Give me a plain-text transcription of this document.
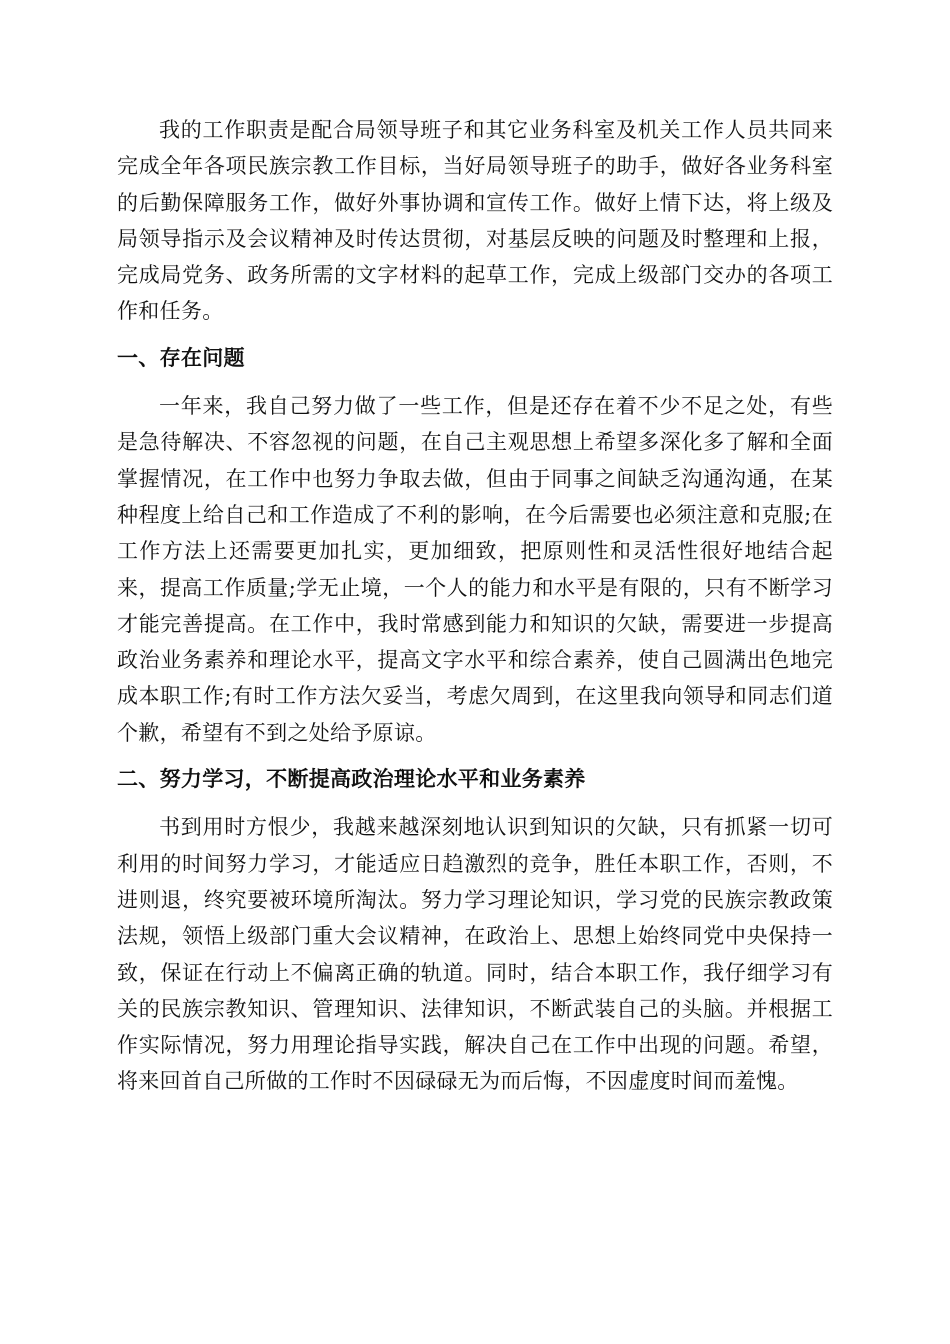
我的工作职责是配合局领导班子和其它业务科室及机关工作人员共同来完成全年各项民族宗教工作目标，当好局领导班子的助手，做好各业务科室的后勤保障服务工作，做好外事协调和宣传工作。做好上情下达，将上级及局领导指示及会议精神及时传达贯彻，对基层反映的问题及时整理和上报，完成局党务、政务所需的文字材料的起草工作，完成上级部门交办的各项工作和任务。

一、存在问题

一年来，我自己努力做了一些工作，但是还存在着不少不足之处，有些是急待解决、不容忽视的问题，在自己主观思想上希望多深化多了解和全面掌握情况，在工作中也努力争取去做，但由于同事之间缺乏沟通沟通，在某种程度上给自己和工作造成了不利的影响，在今后需要也必须注意和克服;在工作方法上还需要更加扎实，更加细致，把原则性和灵活性很好地结合起来，提高工作质量;学无止境，一个人的能力和水平是有限的，只有不断学习才能完善提高。在工作中，我时常感到能力和知识的欠缺，需要进一步提高政治业务素养和理论水平，提高文字水平和综合素养，使自己圆满出色地完成本职工作;有时工作方法欠妥当，考虑欠周到，在这里我向领导和同志们道个歉，希望有不到之处给予原谅。

二、努力学习，不断提高政治理论水平和业务素养

书到用时方恨少，我越来越深刻地认识到知识的欠缺，只有抓紧一切可利用的时间努力学习，才能适应日趋激烈的竞争，胜任本职工作，否则，不进则退，终究要被环境所淘汰。努力学习理论知识，学习党的民族宗教政策法规，领悟上级部门重大会议精神，在政治上、思想上始终同党中央保持一致，保证在行动上不偏离正确的轨道。同时，结合本职工作，我仔细学习有关的民族宗教知识、管理知识、法律知识，不断武装自己的头脑。并根据工作实际情况，努力用理论指导实践，解决自己在工作中出现的问题。希望，将来回首自己所做的工作时不因碌碌无为而后悔，不因虚度时间而羞愧。
